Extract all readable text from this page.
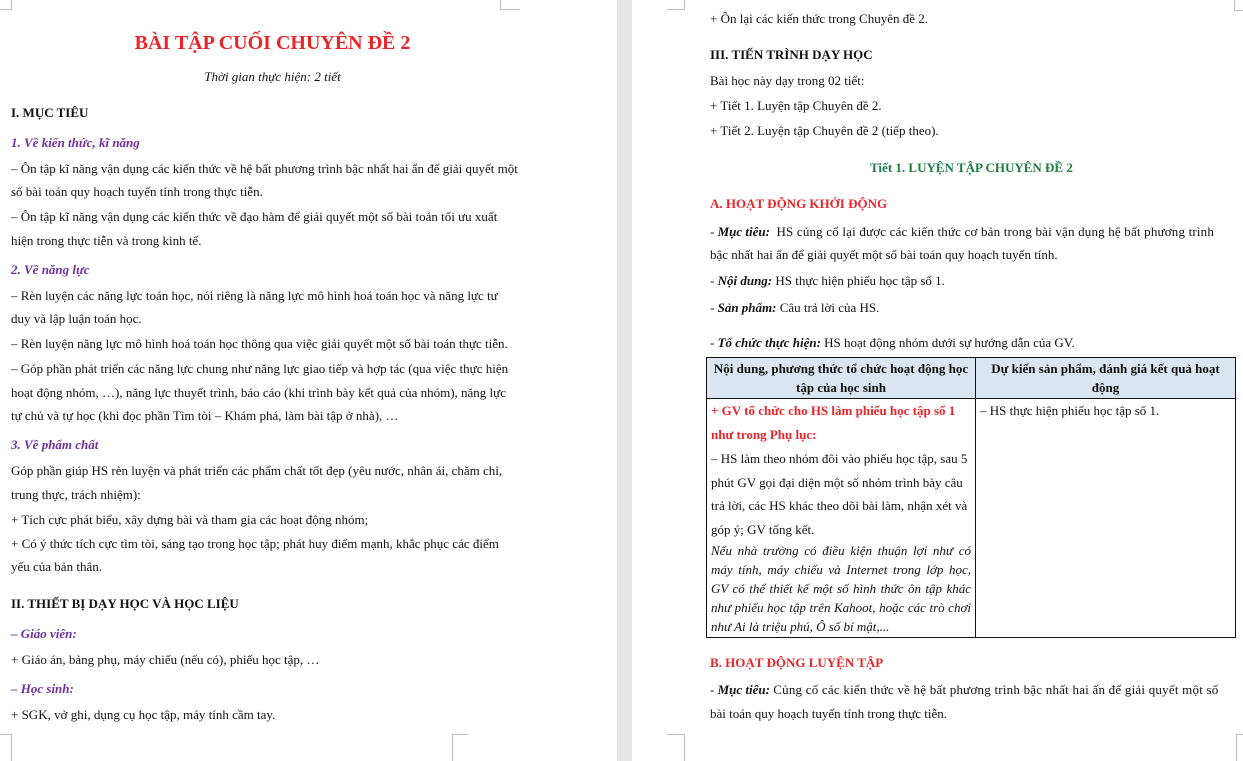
BÀI TẬP CUỐI CHUYÊN ĐỀ 2
Thời gian thực hiện: 2 tiết
I. MỤC TIÊU
1. Về kiến thức, kĩ năng
– Ôn tập kĩ năng vận dụng các kiến thức về hệ bất phương trình bậc nhất hai ẩn để giải quyết một
số bài toán quy hoạch tuyến tính trong thực tiễn.
– Ôn tập kĩ năng vận dụng các kiến thức về đạo hàm để giải quyết một số bài toán tối ưu xuất
hiện trong thực tiễn và trong kinh tế.
2. Về năng lực
– Rèn luyện các năng lực toán học, nói riêng là năng lực mô hình hoá toán học và năng lực tư
duy và lập luận toán học.
– Rèn luyện năng lực mô hình hoá toán học thông qua việc giải quyết một số bài toán thực tiễn.
– Góp phần phát triển các năng lực chung như năng lực giao tiếp và hợp tác (qua việc thực hiện
hoạt động nhóm, …), năng lực thuyết trình, báo cáo (khi trình bày kết quả của nhóm), năng lực
tự chủ và tự học (khi đọc phần Tìm tòi – Khám phá, làm bài tập ở nhà), …
3. Về phẩm chất
Góp phần giúp HS rèn luyện và phát triển các phẩm chất tốt đẹp (yêu nước, nhân ái, chăm chỉ,
trung thực, trách nhiệm):
+ Tích cực phát biểu, xây dựng bài và tham gia các hoạt động nhóm;
+ Có ý thức tích cực tìm tòi, sáng tạo trong học tập; phát huy điểm mạnh, khắc phục các điểm
yếu của bản thân.
II. THIẾT BỊ DẠY HỌC VÀ HỌC LIỆU
– Giáo viên:
+ Giáo án, bảng phụ, máy chiếu (nếu có), phiếu học tập, …
– Học sinh:
+ SGK, vở ghi, dụng cụ học tập, máy tính cầm tay.
+ Ôn lại các kiến thức trong Chuyên đề 2.
III. TIẾN TRÌNH DẠY HỌC
Bài học này dạy trong 02 tiết:
+ Tiết 1. Luyện tập Chuyên đề 2.
+ Tiết 2. Luyện tập Chuyên đề 2 (tiếp theo).
Tiết 1. LUYỆN TẬP CHUYÊN ĐỀ 2
A. HOẠT ĐỘNG KHỞI ĐỘNG
- Mục tiêu: HS củng cố lại được các kiến thức cơ bản trong bài vận dụng hệ bất phương trình
bậc nhất hai ẩn để giải quyết một số bài toán quy hoạch tuyến tính.
- Nội dung: HS thực hiện phiếu học tập số 1.
- Sản phẩm: Câu trả lời của HS.
- Tổ chức thực hiện: HS hoạt động nhóm dưới sự hướng dẫn của GV.
Nội dung, phương thức tổ chức hoạt động học tập của học sinh	Dự kiến sản phẩm, đánh giá kết quả hoạt động

+ GV tổ chức cho HS làm phiếu học tập số 1 như trong Phụ lục:
– HS làm theo nhóm đôi vào phiếu học tập, sau 5 phút GV gọi đại diện một số nhóm trình bày câu trả lời, các HS khác theo dõi bài làm, nhận xét và góp ý; GV tổng kết.
Nếu nhà trường có điều kiện thuận lợi như có máy tính, máy chiếu và Internet trong lớp học, GV có thể thiết kế một số hình thức ôn tập khác như phiếu học tập trên Kahoot, hoặc các trò chơi như Ai là triệu phú, Ô số bí mật,...	– HS thực hiện phiếu học tập số 1.
B. HOẠT ĐỘNG LUYỆN TẬP
- Mục tiêu: Củng cố các kiến thức về hệ bất phương trình bậc nhất hai ẩn để giải quyết một số
bài toán quy hoạch tuyến tính trong thực tiễn.
